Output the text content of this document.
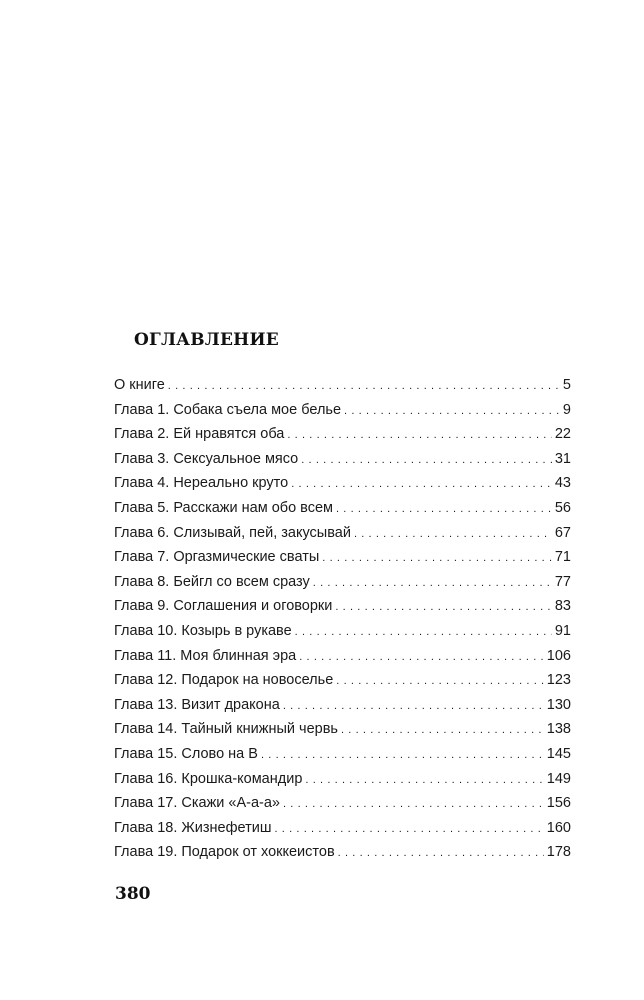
ОГЛАВЛЕНИЕ
О книге . . .	5
Глава 1. Собака съела мое белье . . .	9
Глава 2. Ей нравятся оба . . .	22
Глава 3. Сексуальное мясо . . .	31
Глава 4. Нереально круто . . .	43
Глава 5. Расскажи нам обо всем . . .	56
Глава 6. Слизывай, пей, закусывай . . .	67
Глава 7. Оргазмические сваты . . .	71
Глава 8. Бейгл со всем сразу . . .	77
Глава 9. Соглашения и оговорки . . .	83
Глава 10. Козырь в рукаве . . .	91
Глава 11. Моя блинная эра . . .	106
Глава 12. Подарок на новоселье . . .	123
Глава 13. Визит дракона . . .	130
Глава 14. Тайный книжный червь . . .	138
Глава 15. Слово на В . . .	145
Глава 16. Крошка-командир . . .	149
Глава 17. Скажи «А-а-а» . . .	156
Глава 18. Жизнефетиш . . .	160
Глава 19. Подарок от хоккеистов . . .	178
380
